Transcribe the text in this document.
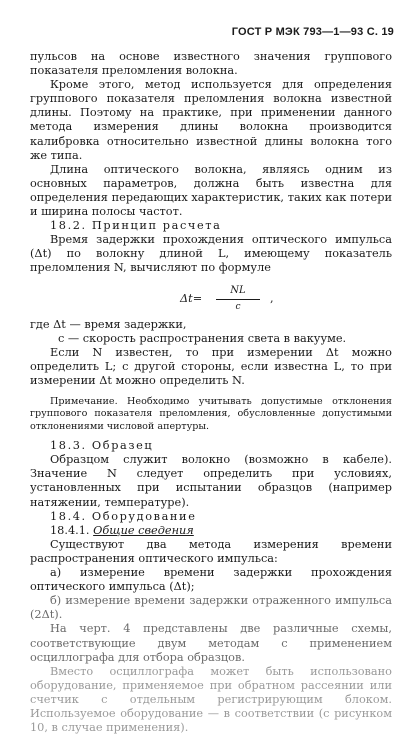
ГОСТ Р МЭК 793—1—93 С. 19

пульсов на основе известного значения группового показателя преломления волокна.

Кроме этого, метод используется для определения группового показателя преломления волокна известной длины. Поэтому на практике, при применении данного метода измерения длины волокна производится калибровка относительно известной длины волокна того же типа.

Длина оптического волокна, являясь одним из основных параметров, должна быть известна для определения передающих характеристик, таких как потери и ширина полосы частот.

18.2. Принцип расчета

Время задержки прохождения оптического импульса (Δt) по волокну длиной L, имеющему показатель преломления N, вычисляют по формуле

$\Delta t= \frac{NL}{c}$ ,

где Δt — время задержки,

c — скорость распространения света в вакууме.

Если N известен, то при измерении Δt можно определить L; с другой стороны, если известна L, то при измерении Δt можно определить N.

Примечание. Необходимо учитывать допустимые отклонения группового показателя преломления, обусловленные допустимыми отклонениями числовой апертуры.

18.3. Образец

Образцом служит волокно (возможно в кабеле). Значение N следует определить при условиях, установленных при испытании образцов (например натяжении, температуре).

18.4. Оборудование

18.4.1. Общие сведения

Существуют два метода измерения времени распространения оптического импульса:

а) измерение времени задержки прохождения оптического импульса (Δt);

б) измерение времени задержки отраженного импульса (2Δt).

На черт. 4 представлены две различные схемы, соответствующие двум методам с применением осциллографа для отбора образцов.

Вместо осциллографа может быть использовано оборудование, применяемое при обратном рассеянии или счетчик с отдельным регистрирующим блоком. Используемое оборудование — в соответствии (с рисунком 10, в случае применения).
